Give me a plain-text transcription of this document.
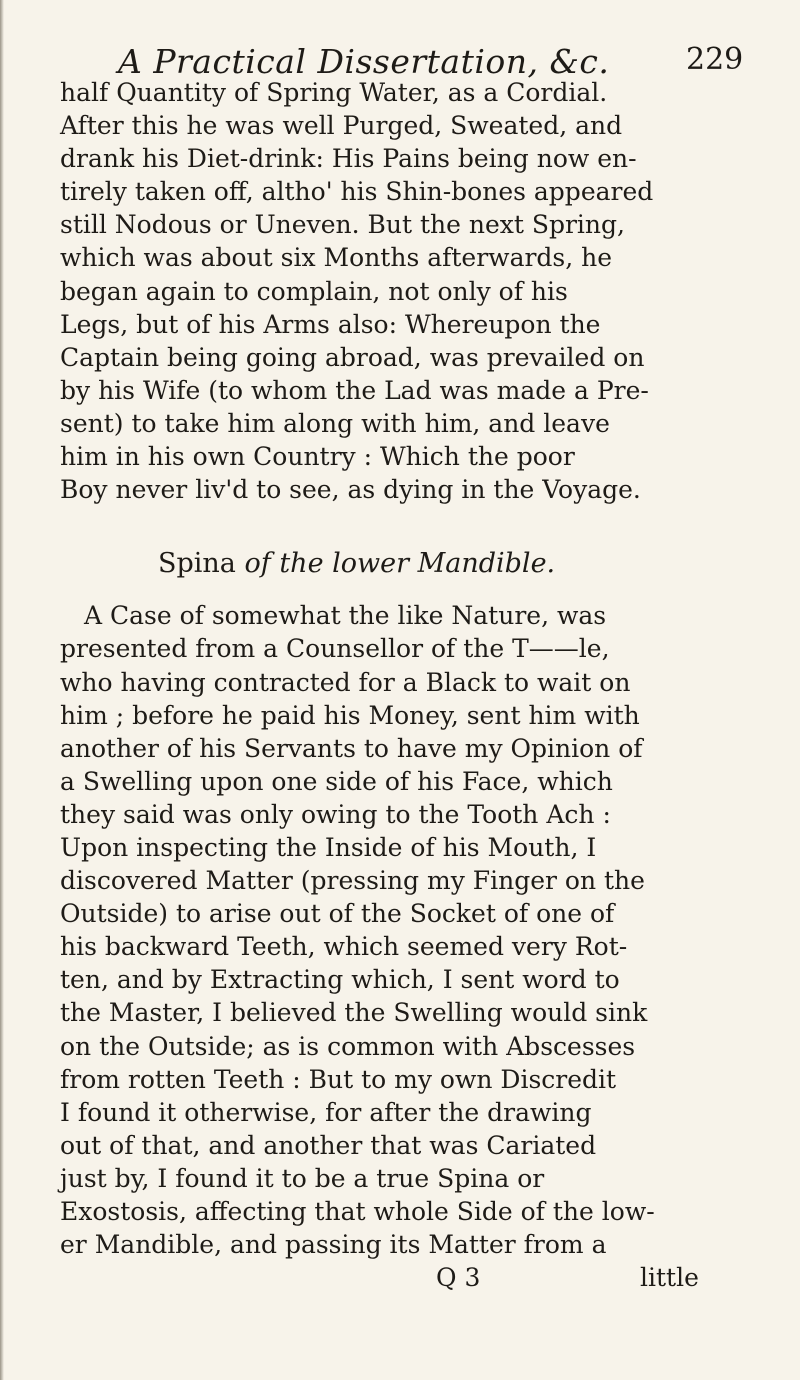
A Practical Dissertation, &c.	229
half Quantity of Spring Water, as a Cordial.
After this he was well Purged, Sweated, and
drank his Diet-drink: His Pains being now en-
tirely taken off, altho' his Shin-bones appeared
still Nodous or Uneven. But the next Spring,
which was about six Months afterwards, he
began again to complain, not only of his
Legs, but of his Arms also: Whereupon the
Captain being going abroad, was prevailed on
by his Wife (to whom the Lad was made a Pre-
sent) to take him along with him, and leave
him in his own Country : Which the poor
Boy never liv'd to see, as dying in the Voyage.
Spina of the lower Mandible.
A Case of somewhat the like Nature, was
presented from a Counsellor of the T——le,
who having contracted for a Black to wait on
him ; before he paid his Money, sent him with
another of his Servants to have my Opinion of
a Swelling upon one side of his Face, which
they said was only owing to the Tooth Ach :
Upon inspecting the Inside of his Mouth, I
discovered Matter (pressing my Finger on the
Outside) to arise out of the Socket of one of
his backward Teeth, which seemed very Rot-
ten, and by Extracting which, I sent word to
the Master, I believed the Swelling would sink
on the Outside; as is common with Abscesses
from rotten Teeth : But to my own Discredit
I found it otherwise, for after the drawing
out of that, and another that was Cariated
just by, I found it to be a true Spina or
Exostosis, affecting that whole Side of the low-
er Mandible, and passing its Matter from a
Q 3	little
